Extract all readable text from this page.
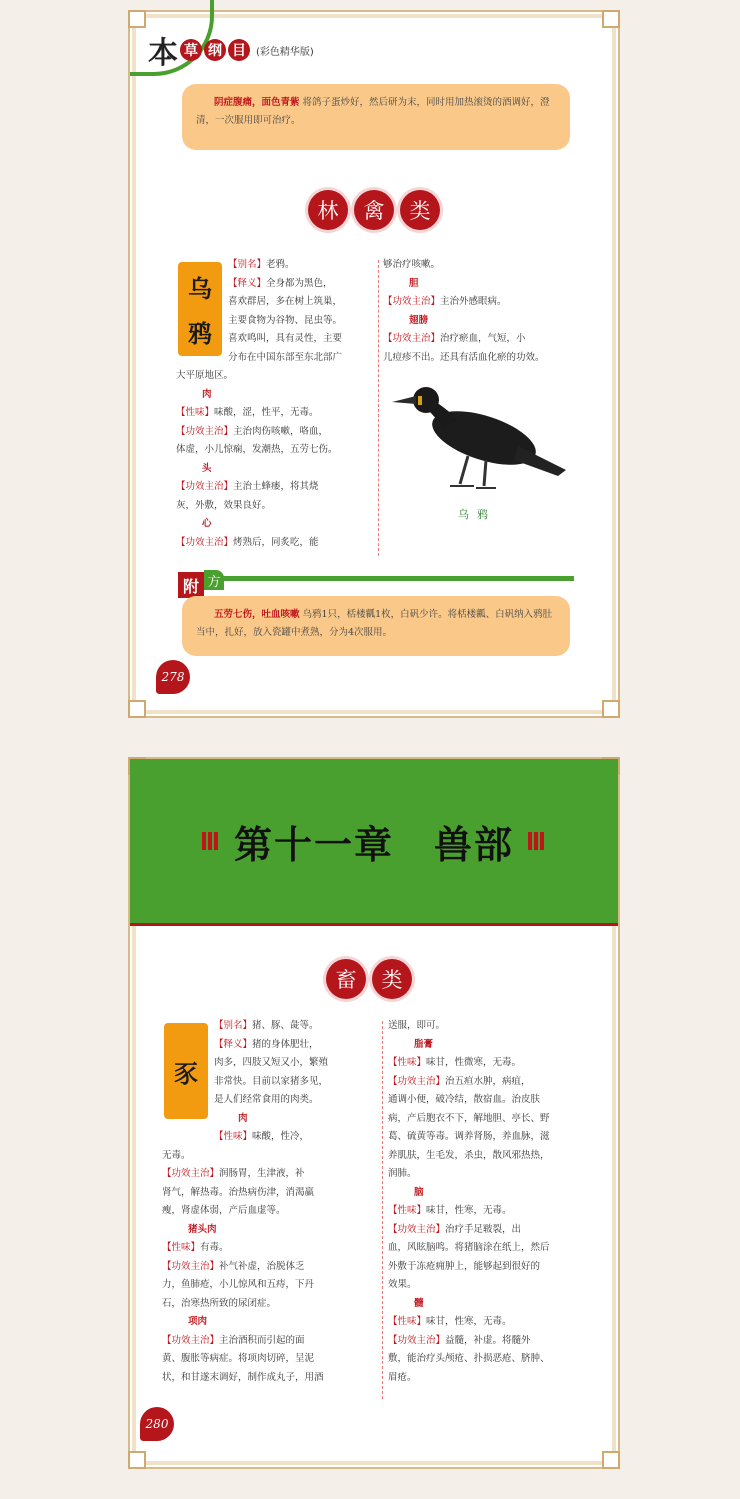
本 草 纲 目	(彩色精华版)
阴症腹痛，面色青紫 将鸽子蛋炒好，然后研为末，同时用加热滚烫的酒调好，澄清，一次服用即可治疗。
林	禽	类
乌
鸦

【别名】老鸦。

【释义】全身都为黑色，

喜欢群居，多在树上筑巢，

主要食物为谷物、昆虫等。

喜欢鸣叫，具有灵性，主要

分布在中国东部至东北部广

大平原地区。

肉

【性味】味酸，涩，性平，无毒。

【功效主治】主治肉伤咳嗽，咯血，

体虚，小儿惊痫，发潮热，五劳七伤。

头

【功效主治】主治土蜂瘘，将其烧

灰，外敷，效果良好。

心

【功效主治】烤熟后，同炙吃，能

够治疗咳嗽。

胆

【功效主治】主治外感眼病。

翅膀

【功效主治】治疗瘀血，气短，小

儿痘疹不出。还具有活血化瘀的功效。

乌鸦
附 方
五劳七伤，吐血咳嗽 乌鸦1只，栝楼瓤1枚，白矾少许。将栝楼瓤、白矾纳入鸦肚当中，扎好，放入瓷罐中煮熟，分为4次服用。
278
第十一章　兽部
畜	类
豕

【别名】猪、豚、彘等。

【释义】猪的身体肥壮，

肉多，四肢又短又小，繁殖

非常快。目前以家猪多见，

是人们经常食用的肉类。

肉

【性味】味酸，性冷，

无毒。

【功效主治】润肠胃，生津液，补

肾气，解热毒。治热病伤津，消渴羸

瘦，肾虚体弱，产后血虚等。

猪头肉

【性味】有毒。

【功效主治】补气补虚，治脱体乏

力，鱼肺疮，小儿惊风和五痔，下丹

石，治寒热所致的尿闭症。

项肉

【功效主治】主治酒积而引起的面

黄、腹胀等病症。将项肉切碎，呈泥

状，和甘遂末调好，制作成丸子，用酒

送服，即可。

脂膏

【性味】味甘，性微寒，无毒。

【功效主治】治五疸水肿，病疽，

通调小便，破冷结，散宿血。治皮肤

病，产后胞衣不下，解地胆、亭长、野

葛、硫黄等毒。调养肾肠，养血脉，滋

养肌肤，生毛发，杀虫，散风邪热热，

润肺。

脑

【性味】味甘，性寒，无毒。

【功效主治】治疗手足皲裂，出

血，风眩脑鸣。将猪脑涂在纸上，然后

外敷于冻疮痈肿上，能够起到很好的

效果。

髓

【性味】味甘，性寒，无毒。

【功效主治】益髓，补虚。将髓外

敷，能治疗头颅疮、扑损恶疮、脐肿、

眉疮。

280
